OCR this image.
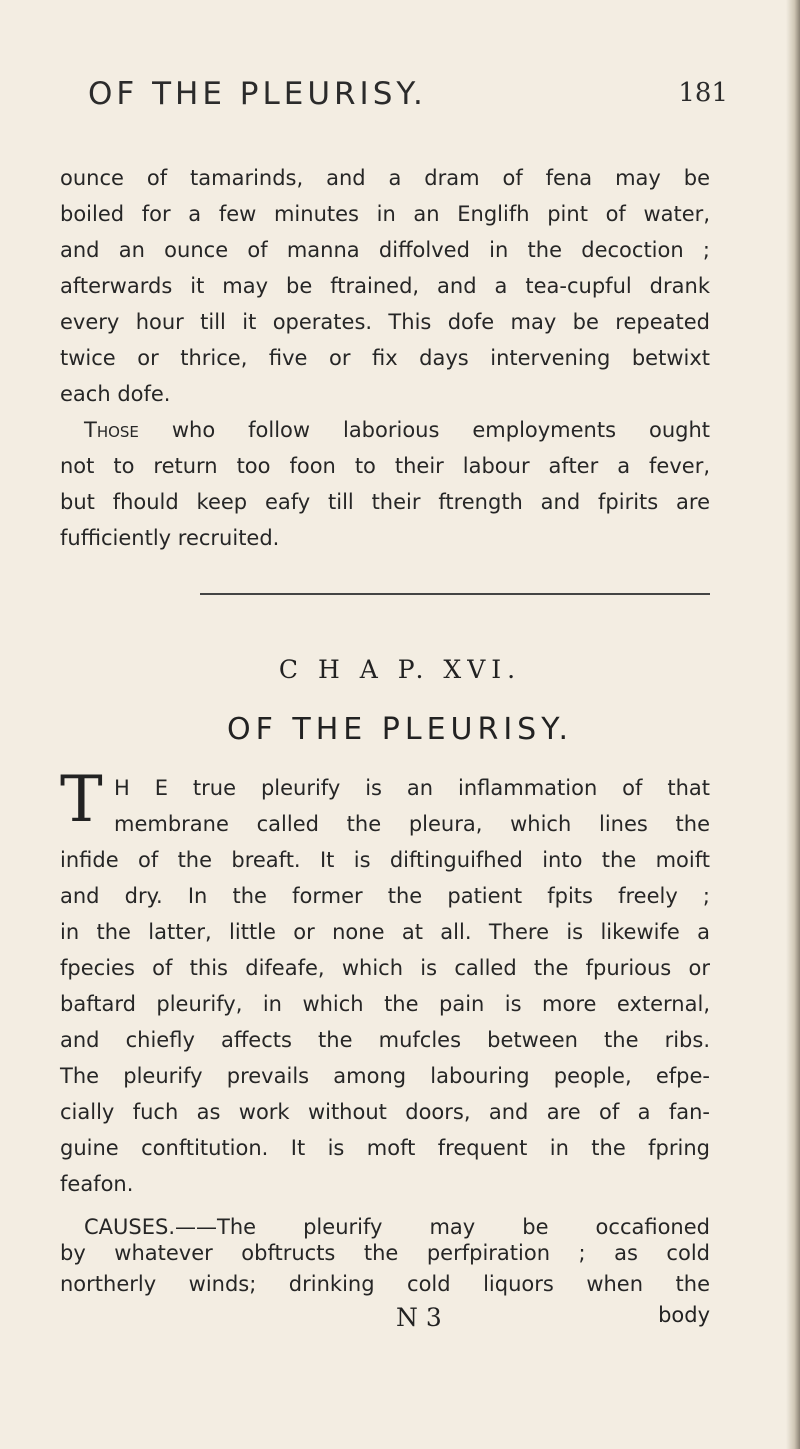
OF THE PLEURISY.	181
ounce of tamarinds, and a dram of fena may be
boiled for a few minutes in an Englifh pint of water,
and an ounce of manna diffolved in the decoction ;
afterwards it may be ftrained, and a tea-cupful drank
every hour till it operates. This dofe may be repeated
twice or thrice, five or fix days intervening betwixt
each dofe.
Those who follow laborious employments ought
not to return too foon to their labour after a fever,
but fhould keep eafy till their ftrength and fpirits are
fufficiently recruited.
C H A P. XVI.
OF THE PLEURISY.
T H E true pleurify is an inflammation of that
membrane called the pleura, which lines the
infide of the breaft. It is diftinguifhed into the moift
and dry. In the former the patient fpits freely ;
in the latter, little or none at all. There is likewife a
fpecies of this difeafe, which is called the fpurious or
baftard pleurify, in which the pain is more external,
and chiefly affects the mufcles between the ribs.
The pleurify prevails among labouring people, efpe-
cially fuch as work without doors, and are of a fan-
guine conftitution. It is moft frequent in the fpring
feafon.
CAUSES.——The pleurify may be occafioned
by whatever obftructs the perfpiration ; as cold
northerly winds; drinking cold liquors when the
N 3	body
